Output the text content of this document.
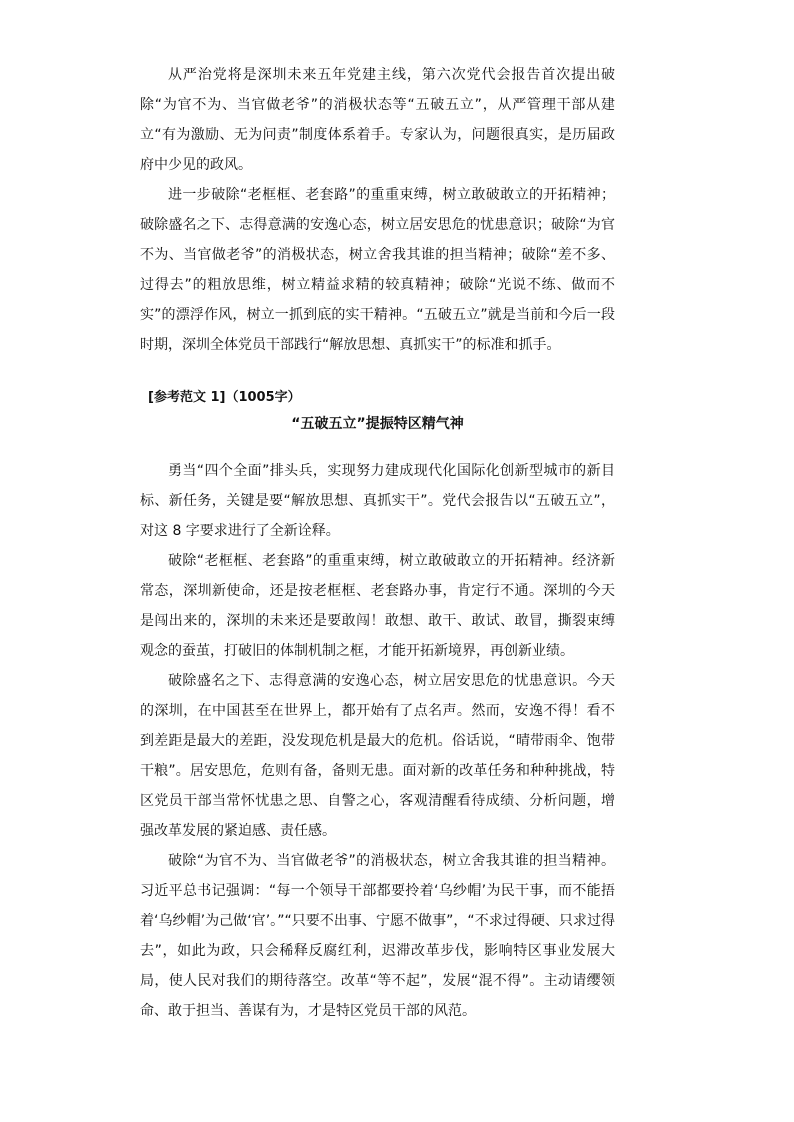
从严治党将是深圳未来五年党建主线，第六次党代会报告首次提出破除“为官不为、当官做老爷”的消极状态等“五破五立”，从严管理干部从建立“有为激励、无为问责”制度体系着手。专家认为，问题很真实，是历届政府中少见的政风。

进一步破除“老框框、老套路”的重重束缚，树立敢破敢立的开拓精神；破除盛名之下、志得意满的安逸心态，树立居安思危的忧患意识；破除“为官不为、当官做老爷”的消极状态，树立舍我其谁的担当精神；破除“差不多、过得去”的粗放思维，树立精益求精的较真精神；破除“光说不练、做而不实”的漂浮作风，树立一抓到底的实干精神。“五破五立”就是当前和今后一段时期，深圳全体党员干部践行“解放思想、真抓实干”的标准和抓手。

[参考范文 1]（1005字）

“五破五立”提振特区精气神

勇当“四个全面”排头兵，实现努力建成现代化国际化创新型城市的新目标、新任务，关键是要“解放思想、真抓实干”。党代会报告以“五破五立”，对这 8 字要求进行了全新诠释。

破除“老框框、老套路”的重重束缚，树立敢破敢立的开拓精神。经济新常态，深圳新使命，还是按老框框、老套路办事，肯定行不通。深圳的今天是闯出来的，深圳的未来还是要敢闯！敢想、敢干、敢试、敢冒，撕裂束缚观念的蚕茧，打破旧的体制机制之框，才能开拓新境界，再创新业绩。

破除盛名之下、志得意满的安逸心态，树立居安思危的忧患意识。今天的深圳，在中国甚至在世界上，都开始有了点名声。然而，安逸不得！看不到差距是最大的差距，没发现危机是最大的危机。俗话说，“晴带雨伞、饱带干粮”。居安思危，危则有备，备则无患。面对新的改革任务和种种挑战，特区党员干部当常怀忧患之思、自警之心，客观清醒看待成绩、分析问题，增强改革发展的紧迫感、责任感。

破除“为官不为、当官做老爷”的消极状态，树立舍我其谁的担当精神。习近平总书记强调：“每一个领导干部都要拎着‘乌纱帽’为民干事，而不能捂着‘乌纱帽’为己做‘官’。”“只要不出事、宁愿不做事”，“不求过得硬、只求过得去”，如此为政，只会稀释反腐红利，迟滞改革步伐，影响特区事业发展大局，使人民对我们的期待落空。改革“等不起”，发展“混不得”。主动请缨领命、敢于担当、善谋有为，才是特区党员干部的风范。
